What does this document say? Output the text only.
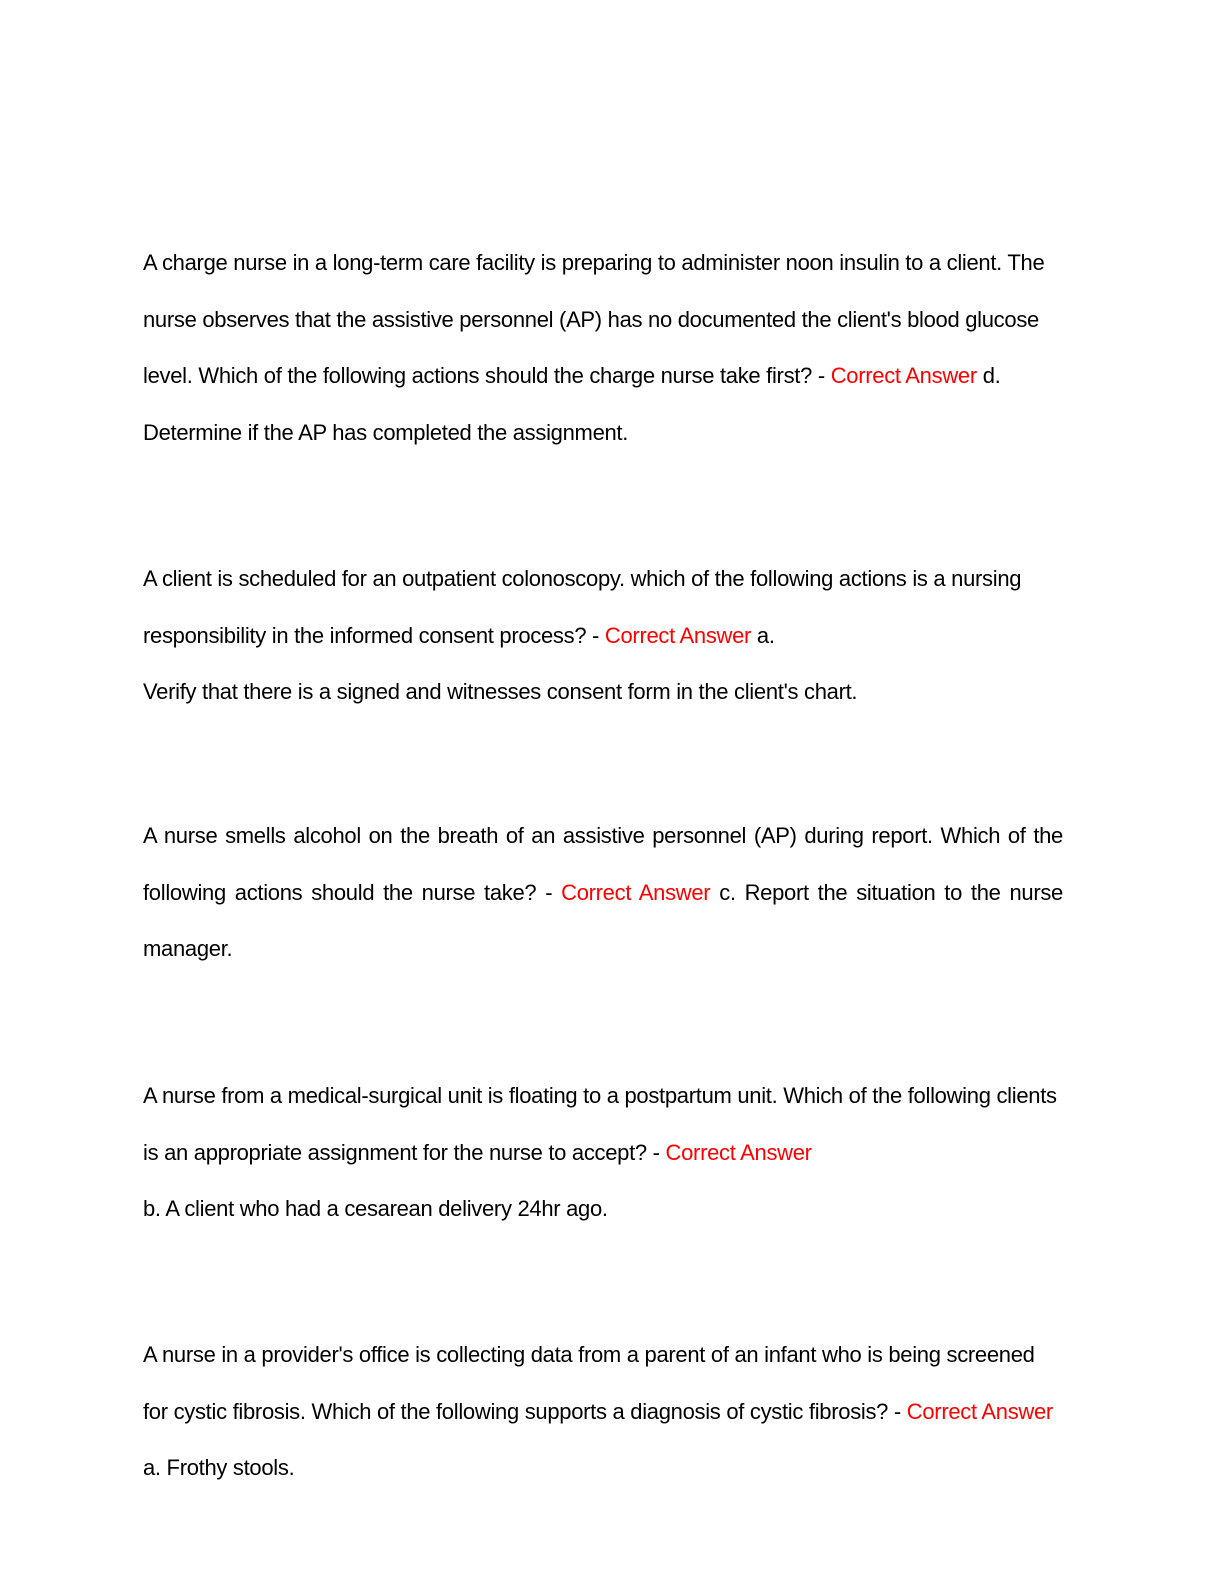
A charge nurse in a long-term care facility is preparing to administer noon insulin to a client. The nurse observes that the assistive personnel (AP) has no documented the client's blood glucose level. Which of the following actions should the charge nurse take first? - Correct Answer d. Determine if the AP has completed the assignment.

A client is scheduled for an outpatient colonoscopy. which of the following actions is a nursing responsibility in the informed consent process? - Correct Answer a.
Verify that there is a signed and witnesses consent form in the client's chart.

A nurse smells alcohol on the breath of an assistive personnel (AP) during report. Which of the following actions should the nurse take? - Correct Answer c. Report the situation to the nurse manager.

A nurse from a medical-surgical unit is floating to a postpartum unit. Which of the following clients is an appropriate assignment for the nurse to accept? - Correct Answer
b. A client who had a cesarean delivery 24hr ago.

A nurse in a provider's office is collecting data from a parent of an infant who is being screened for cystic fibrosis. Which of the following supports a diagnosis of cystic fibrosis? - Correct Answer a. Frothy stools.
